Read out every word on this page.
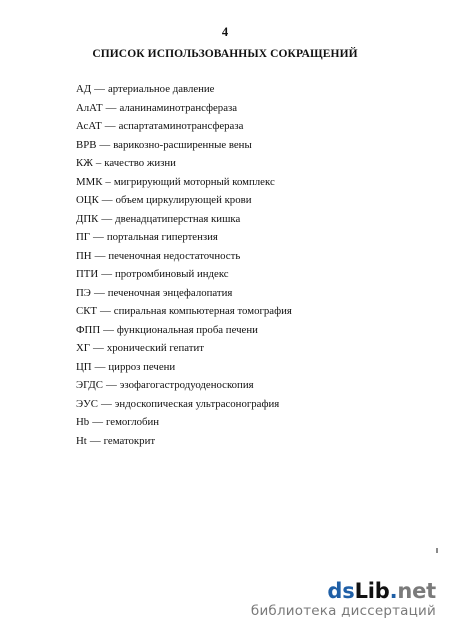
4
СПИСОК ИСПОЛЬЗОВАННЫХ СОКРАЩЕНИЙ
АД — артериальное давление
АлАТ — аланинаминотрансфераза
АсАТ — аспартатаминотрансфераза
ВРВ — варикозно-расширенные вены
КЖ – качество жизни
ММК – мигрирующий моторный комплекс
ОЦК — объем циркулирующей крови
ДПК — двенадцатиперстная кишка
ПГ — портальная гипертензия
ПН — печеночная недостаточность
ПТИ — протромбиновый индекс
ПЭ — печеночная энцефалопатия
СКТ — спиральная компьютерная томография
ФПП — функциональная проба печени
ХГ — хронический гепатит
ЦП — цирроз печени
ЭГДС — эзофагогастродуоденоскопия
ЭУС — эндоскопическая ультрасонография
Hb — гемоглобин
Ht — гематокрит
dsLib.net
библиотека диссертаций
